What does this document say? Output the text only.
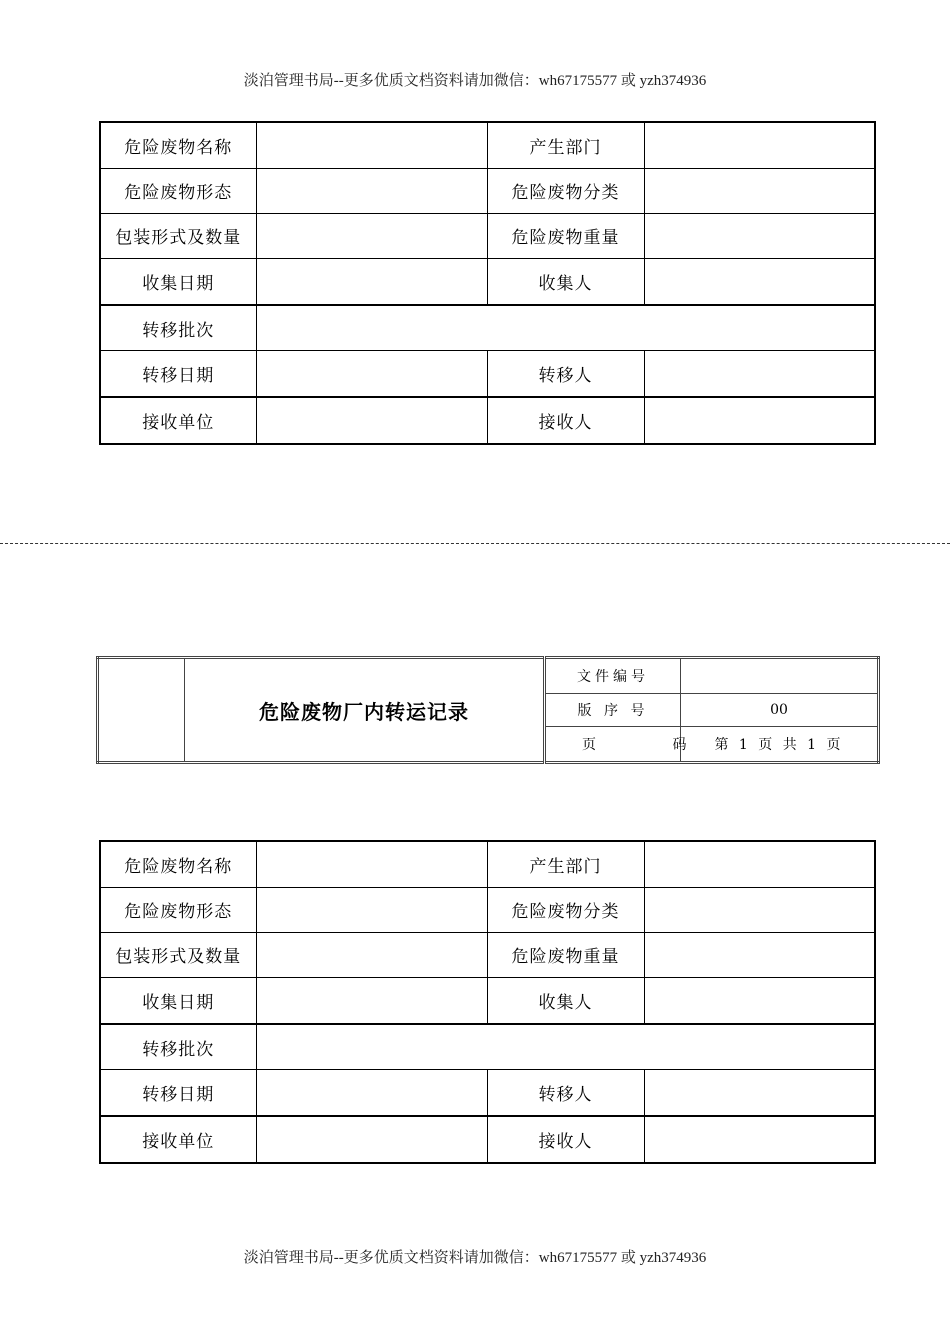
淡泊管理书局--更多优质文档资料请加微信：wh67175577 或 yzh374936
危险废物名称		产生部门	
危险废物形态		危险废物分类	
包装形式及数量		危险废物重量	
收集日期		收集人	
转移批次			
转移日期		转移人	
接收单位		接收人	
	危险废物厂内转运记录	文件编号	
		版 序 号	00
		页 码	第 1 页 共 1 页
危险废物名称		产生部门	
危险废物形态		危险废物分类	
包装形式及数量		危险废物重量	
收集日期		收集人	
转移批次			
转移日期		转移人	
接收单位		接收人	
淡泊管理书局--更多优质文档资料请加微信：wh67175577 或 yzh374936
